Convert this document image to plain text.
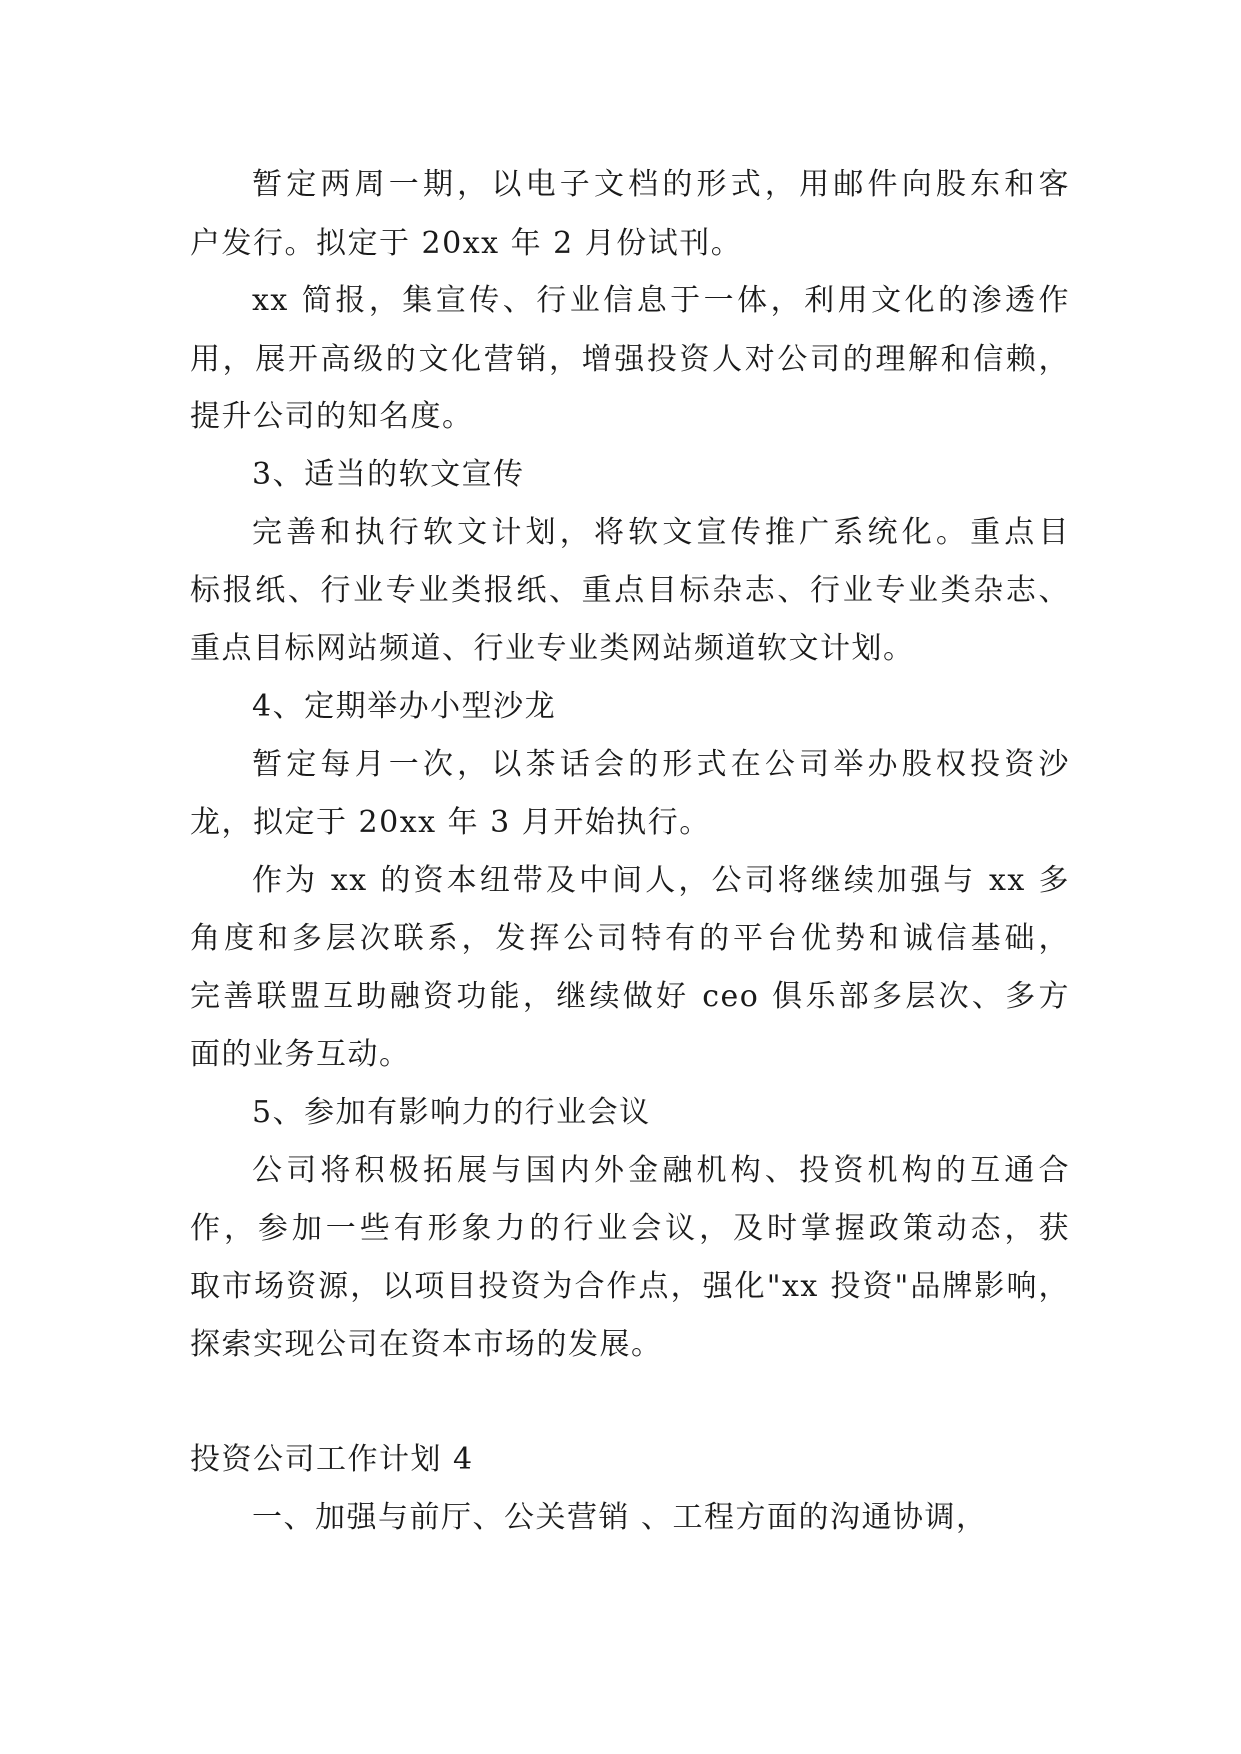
暂定两周一期，以电子文档的形式，用邮件向股东和客
户发行。拟定于 20xx 年 2 月份试刊。
xx 简报，集宣传、行业信息于一体，利用文化的渗透作
用，展开高级的文化营销，增强投资人对公司的理解和信赖，
提升公司的知名度。
3、适当的软文宣传
完善和执行软文计划，将软文宣传推广系统化。重点目
标报纸、行业专业类报纸、重点目标杂志、行业专业类杂志、
重点目标网站频道、行业专业类网站频道软文计划。
4、定期举办小型沙龙
暂定每月一次，以茶话会的形式在公司举办股权投资沙
龙，拟定于 20xx 年 3 月开始执行。
作为 xx 的资本纽带及中间人，公司将继续加强与 xx 多
角度和多层次联系，发挥公司特有的平台优势和诚信基础，
完善联盟互助融资功能，继续做好 ceo 俱乐部多层次、多方
面的业务互动。
5、参加有影响力的行业会议
公司将积极拓展与国内外金融机构、投资机构的互通合
作，参加一些有形象力的行业会议，及时掌握政策动态，获
取市场资源，以项目投资为合作点，强化"xx 投资"品牌影响，
探索实现公司在资本市场的发展。
投资公司工作计划 4
一、加强与前厅、公关营销 、工程方面的沟通协调，
